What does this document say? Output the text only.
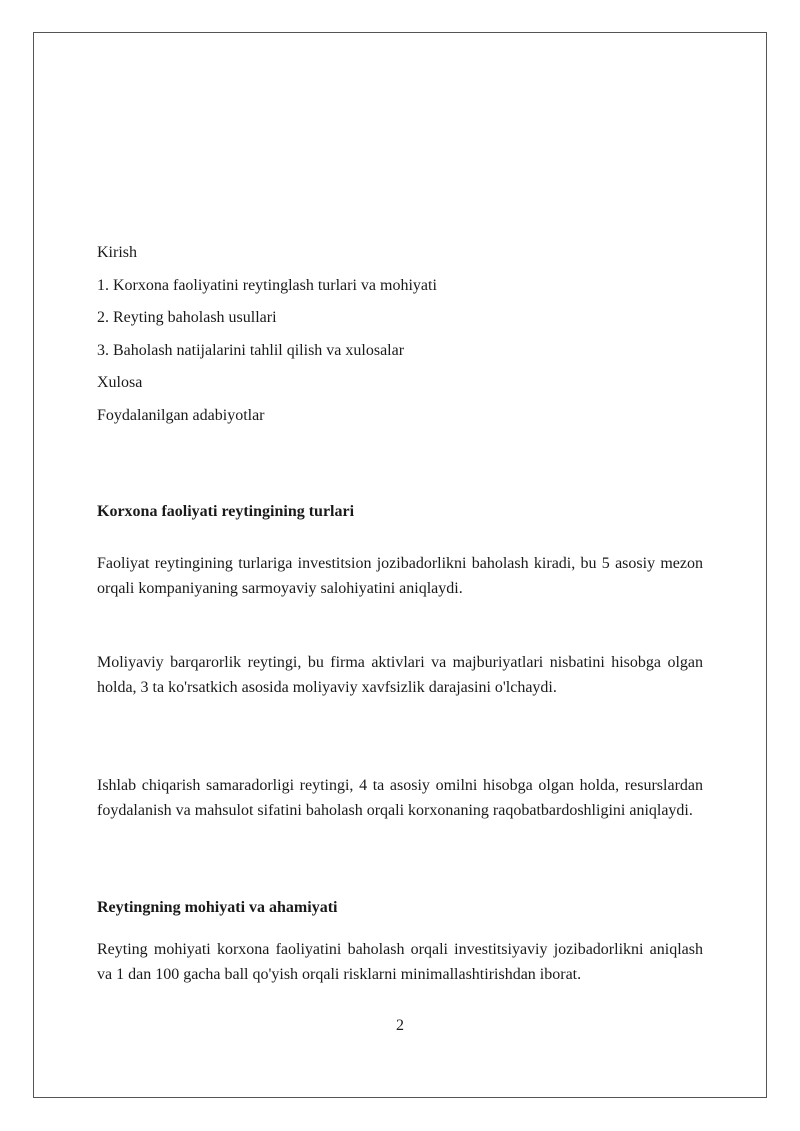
Kirish
1. Korxona faoliyatini reytinglash turlari va mohiyati
2. Reyting baholash usullari
3. Baholash natijalarini tahlil qilish va xulosalar
Xulosa
Foydalanilgan adabiyotlar
Korxona faoliyati reytingining turlari
Faoliyat reytingining turlariga investitsion jozibadorlikni baholash kiradi, bu 5 asosiy mezon orqali kompaniyaning sarmoyaviy salohiyatini aniqlaydi.
Moliyaviy barqarorlik reytingi, bu firma aktivlari va majburiyatlari nisbatini hisobga olgan holda, 3 ta ko'rsatkich asosida moliyaviy xavfsizlik darajasini o'lchaydi.
Ishlab chiqarish samaradorligi reytingi, 4 ta asosiy omilni hisobga olgan holda, resurslardan foydalanish va mahsulot sifatini baholash orqali korxonaning raqobatbardoshligini aniqlaydi.
Reytingning mohiyati va ahamiyati
Reyting mohiyati korxona faoliyatini baholash orqali investitsiyaviy jozibadorlikni aniqlash va 1 dan 100 gacha ball qo'yish orqali risklarni minimallashtirishdan iborat.
2
